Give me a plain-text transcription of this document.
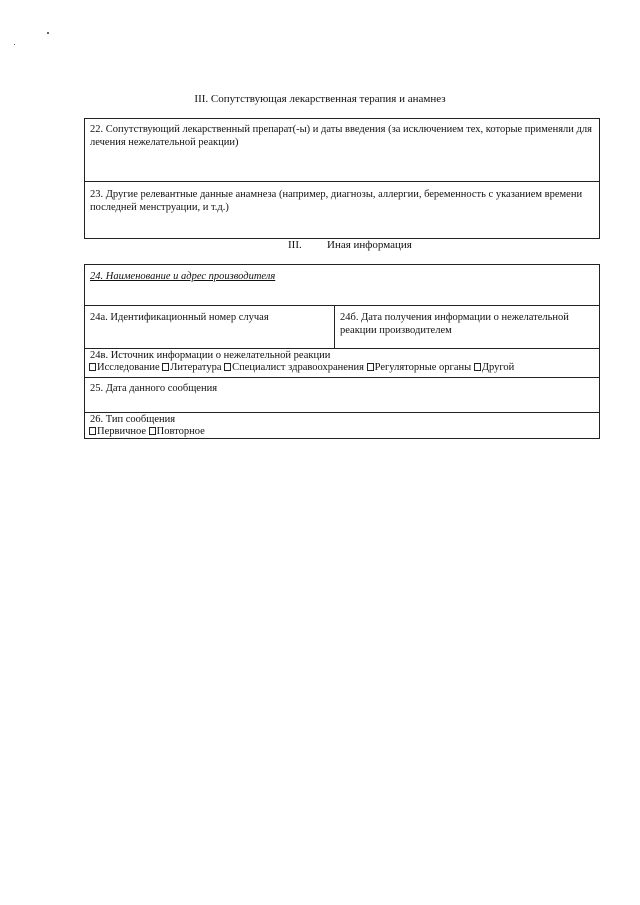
III. Сопутствующая лекарственная терапия и анамнез
22. Сопутствующий лекарственный препарат(-ы) и даты введения (за исключением тех, которые применяли для лечения нежелательной реакции)
23. Другие релевантные данные анамнеза (например, диагнозы, аллергии, беременность с указанием времени последней менструации, и т.д.)
III. Иная информация
24. Наименование и адрес производителя
24а. Идентификационный номер случая	24б. Дата получения информации о нежелательной реакции производителем
24в. Источник информации о нежелательной реакции
Исследование Литература Специалист здравоохранения Регуляторные органы Другой
25. Дата данного сообщения
26. Тип сообщения
Первичное Повторное
